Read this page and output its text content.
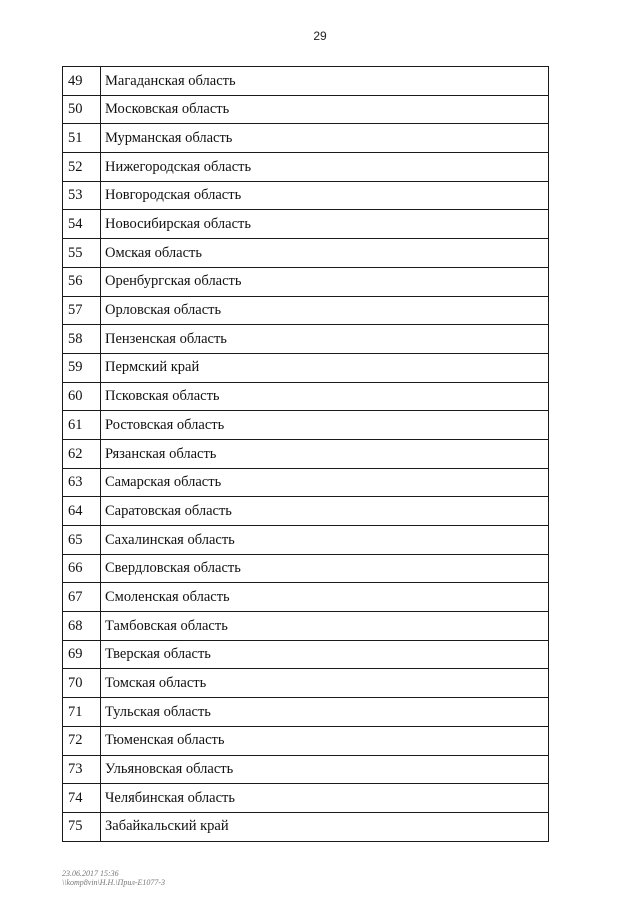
29
49	Магаданская область
50	Московская область
51	Мурманская область
52	Нижегородская область
53	Новгородская область
54	Новосибирская область
55	Омская область
56	Оренбургская область
57	Орловская область
58	Пензенская область
59	Пермский край
60	Псковская область
61	Ростовская область
62	Рязанская область
63	Самарская область
64	Саратовская область
65	Сахалинская область
66	Свердловская область
67	Смоленская область
68	Тамбовская область
69	Тверская область
70	Томская область
71	Тульская область
72	Тюменская область
73	Ульяновская область
74	Челябинская область
75	Забайкальский край
23.06.2017 15:36
\\komp8vin\Н.Н.\Прил-Е1077-3
